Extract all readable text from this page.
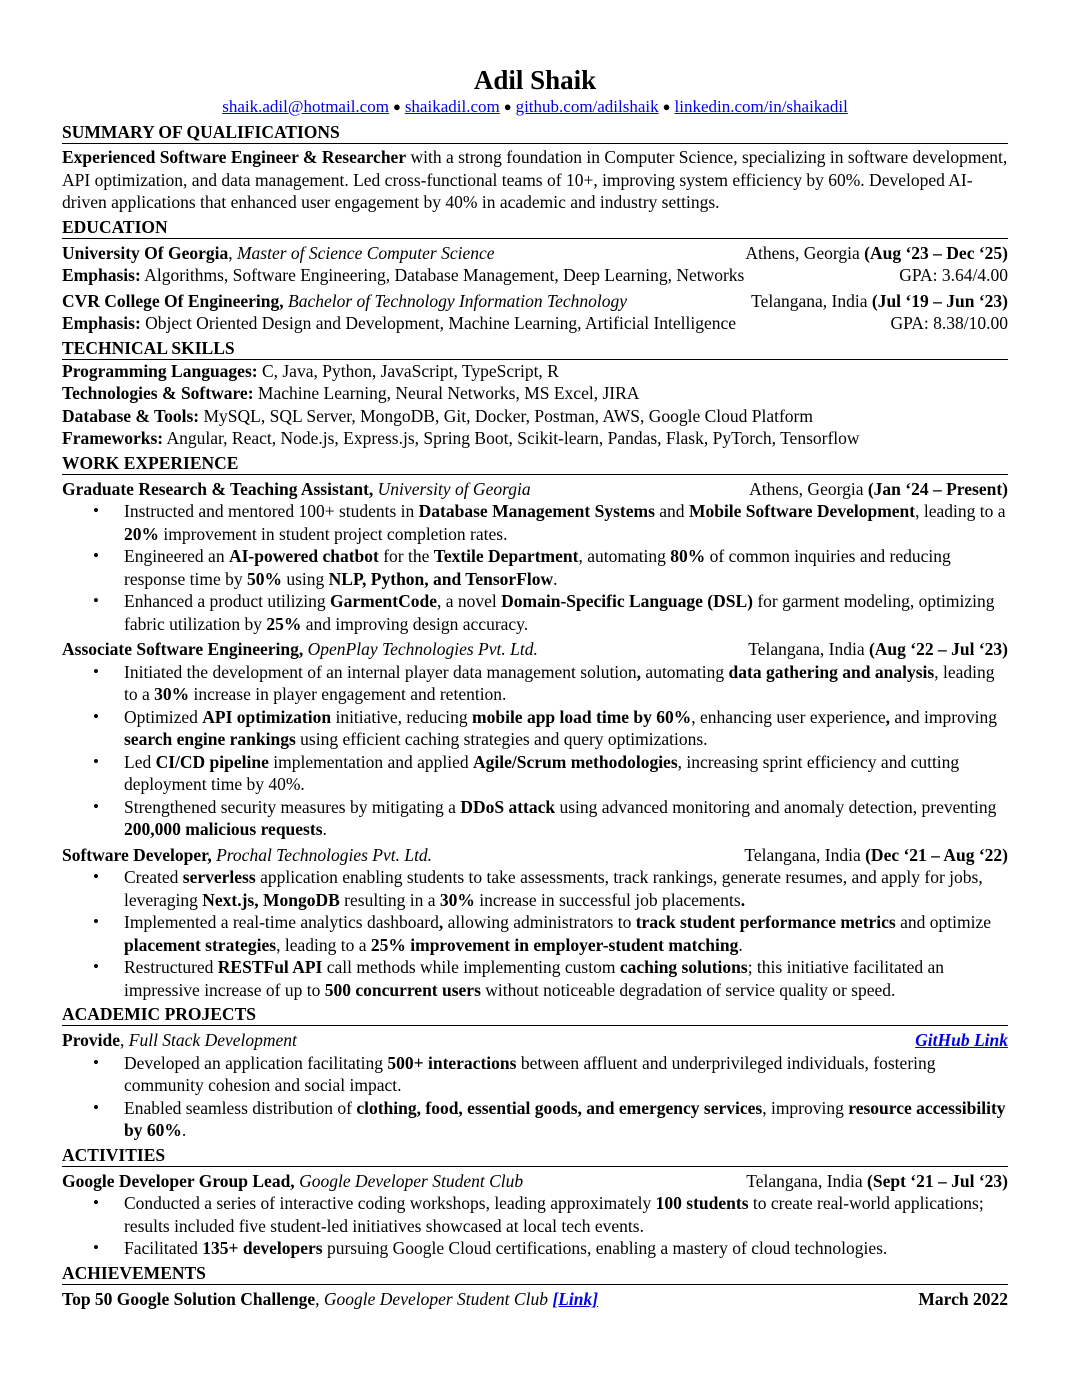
Adil Shaik
shaik.adil@hotmail.com ● shaikadil.com ● github.com/adilshaik ● linkedin.com/in/shaikadil
SUMMARY OF QUALIFICATIONS

Experienced Software Engineer & Researcher with a strong foundation in Computer Science, specializing in software development, API optimization, and data management. Led cross-functional teams of 10+, improving system efficiency by 60%. Developed AI-driven applications that enhanced user engagement by 40% in academic and industry settings.

EDUCATION
University Of Georgia, Master of Science Computer Science	Athens, Georgia (Aug ‘23 – Dec ‘25)
Emphasis: Algorithms, Software Engineering, Database Management, Deep Learning, Networks	GPA: 3.64/4.00
CVR College Of Engineering, Bachelor of Technology Information Technology	Telangana, India (Jul ‘19 – Jun ‘23)
Emphasis: Object Oriented Design and Development, Machine Learning, Artificial Intelligence	GPA: 8.38/10.00
TECHNICAL SKILLS
Programming Languages: C, Java, Python, JavaScript, TypeScript, R
Technologies & Software: Machine Learning, Neural Networks, MS Excel, JIRA
Database & Tools: MySQL, SQL Server, MongoDB, Git, Docker, Postman, AWS, Google Cloud Platform
Frameworks: Angular, React, Node.js, Express.js, Spring Boot, Scikit-learn, Pandas, Flask, PyTorch, Tensorflow
WORK EXPERIENCE
Graduate Research & Teaching Assistant, University of Georgia	Athens, Georgia (Jan ‘24 – Present)
• Instructed and mentored 100+ students in Database Management Systems and Mobile Software Development, leading to a 20% improvement in student project completion rates.
• Engineered an AI-powered chatbot for the Textile Department, automating 80% of common inquiries and reducing response time by 50% using NLP, Python, and TensorFlow.
• Enhanced a product utilizing GarmentCode, a novel Domain-Specific Language (DSL) for garment modeling, optimizing fabric utilization by 25% and improving design accuracy.
Associate Software Engineering, OpenPlay Technologies Pvt. Ltd.	Telangana, India (Aug ‘22 – Jul ‘23)
• Initiated the development of an internal player data management solution, automating data gathering and analysis, leading to a 30% increase in player engagement and retention.
• Optimized API optimization initiative, reducing mobile app load time by 60%, enhancing user experience, and improving search engine rankings using efficient caching strategies and query optimizations.
• Led CI/CD pipeline implementation and applied Agile/Scrum methodologies, increasing sprint efficiency and cutting deployment time by 40%.
• Strengthened security measures by mitigating a DDoS attack using advanced monitoring and anomaly detection, preventing 200,000 malicious requests.
Software Developer, Prochal Technologies Pvt. Ltd.	Telangana, India (Dec ‘21 – Aug ‘22)
• Created serverless application enabling students to take assessments, track rankings, generate resumes, and apply for jobs, leveraging Next.js, MongoDB resulting in a 30% increase in successful job placements.
• Implemented a real-time analytics dashboard, allowing administrators to track student performance metrics and optimize placement strategies, leading to a 25% improvement in employer-student matching.
• Restructured RESTFul API call methods while implementing custom caching solutions; this initiative facilitated an impressive increase of up to 500 concurrent users without noticeable degradation of service quality or speed.
ACADEMIC PROJECTS
Provide, Full Stack Development	GitHub Link
• Developed an application facilitating 500+ interactions between affluent and underprivileged individuals, fostering community cohesion and social impact.
• Enabled seamless distribution of clothing, food, essential goods, and emergency services, improving resource accessibility by 60%.
ACTIVITIES
Google Developer Group Lead, Google Developer Student Club	Telangana, India (Sept ‘21 – Jul ‘23)
• Conducted a series of interactive coding workshops, leading approximately 100 students to create real-world applications; results included five student-led initiatives showcased at local tech events.
• Facilitated 135+ developers pursuing Google Cloud certifications, enabling a mastery of cloud technologies.
ACHIEVEMENTS
Top 50 Google Solution Challenge, Google Developer Student Club [Link]	March 2022
